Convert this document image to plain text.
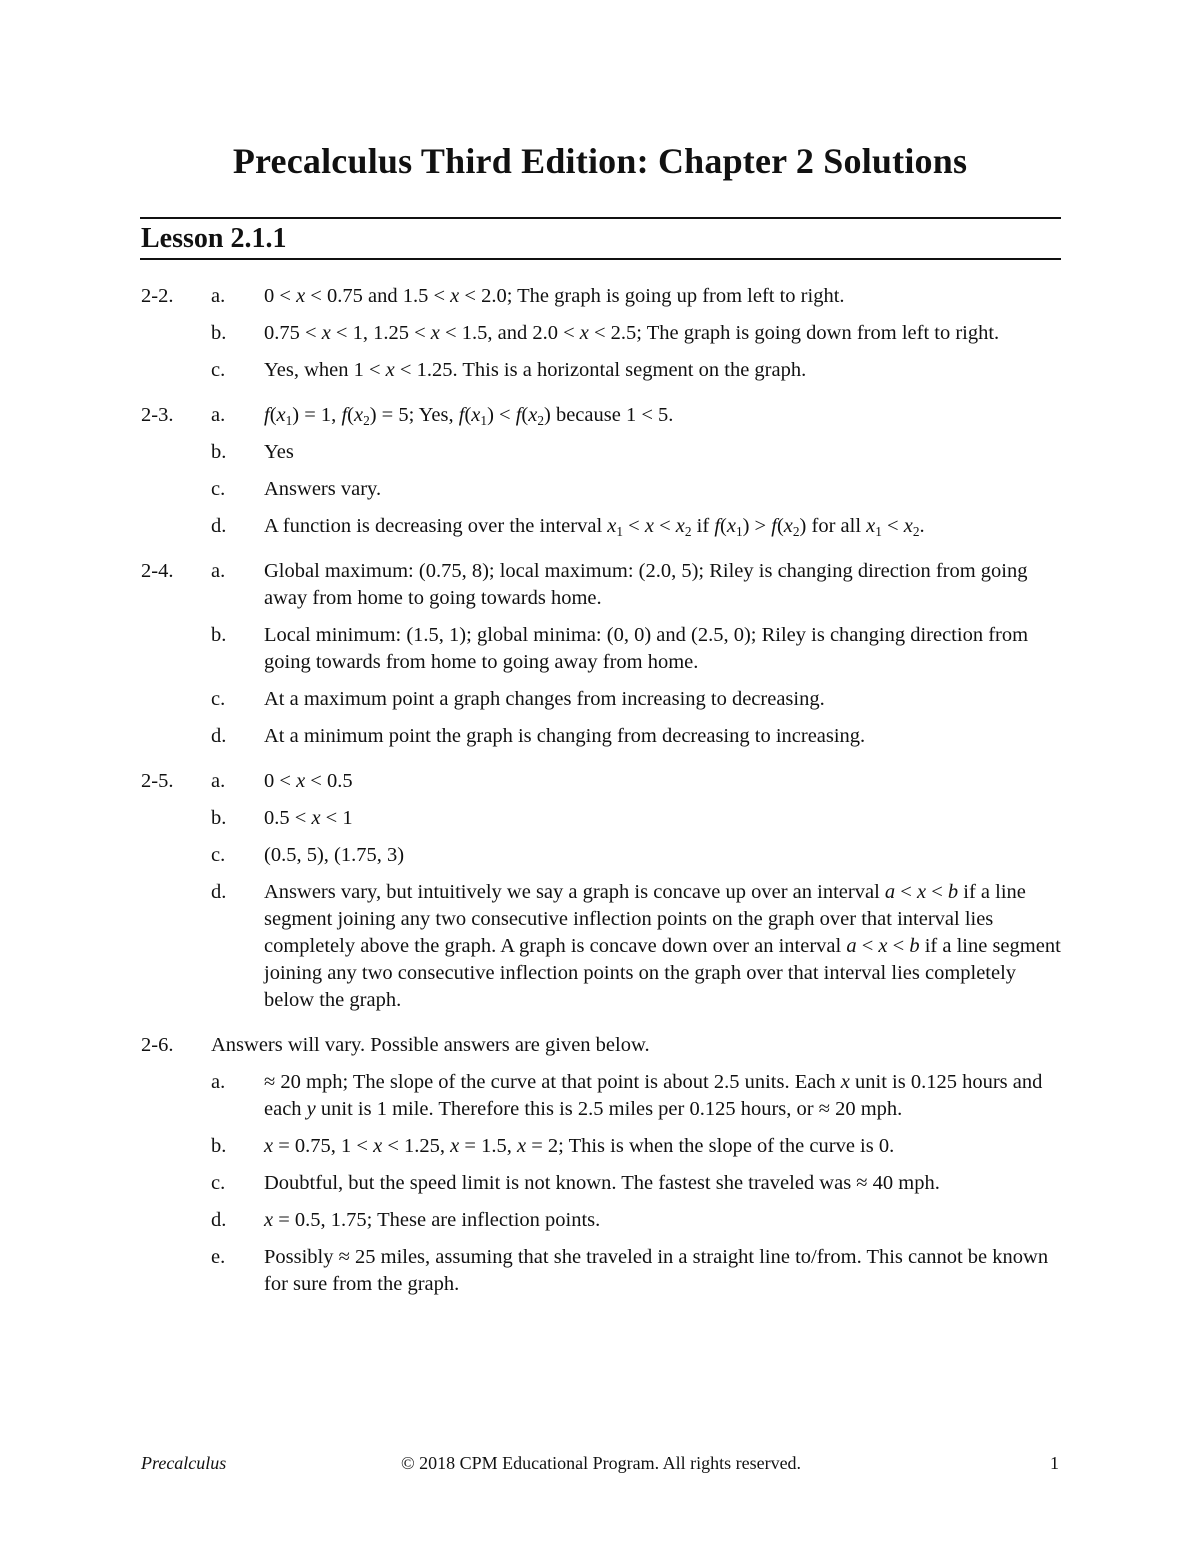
Precalculus Third Edition: Chapter 2 Solutions
Lesson 2.1.1
2-2.	a.	0 < x < 0.75 and 1.5 < x < 2.0; The graph is going up from left to right.
b.	0.75 < x < 1, 1.25 < x < 1.5, and 2.0 < x < 2.5; The graph is going down from left to right.
c.	Yes, when 1 < x < 1.25. This is a horizontal segment on the graph.
2-3.	a.	$f(x_1) = 1$, $f(x_2) = 5$; Yes, $f(x_1) < f(x_2)$ because 1 < 5.
b.	Yes
c.	Answers vary.
d.	A function is decreasing over the interval $x_1 < x < x_2$ if $f(x_1) > f(x_2)$ for all $x_1 < x_2$.
2-4.	a.	Global maximum: (0.75, 8); local maximum: (2.0, 5); Riley is changing direction from going away from home to going towards home.
b.	Local minimum: (1.5, 1); global minima: (0, 0) and (2.5, 0); Riley is changing direction from going towards from home to going away from home.
c.	At a maximum point a graph changes from increasing to decreasing.
d.	At a minimum point the graph is changing from decreasing to increasing.
2-5.	a.	0 < x < 0.5
b.	0.5 < x < 1
c.	(0.5, 5), (1.75, 3)
d.	Answers vary, but intuitively we say a graph is concave up over an interval a < x < b if a line segment joining any two consecutive inflection points on the graph over that interval lies completely above the graph. A graph is concave down over an interval a < x < b if a line segment joining any two consecutive inflection points on the graph over that interval lies completely below the graph.
2-6.	Answers will vary. Possible answers are given below.
a.	≈ 20 mph; The slope of the curve at that point is about 2.5 units. Each x unit is 0.125 hours and each y unit is 1 mile. Therefore this is 2.5 miles per 0.125 hours, or ≈ 20 mph.
b.	x = 0.75, 1 < x < 1.25, x = 1.5, x = 2; This is when the slope of the curve is 0.
c.	Doubtful, but the speed limit is not known. The fastest she traveled was ≈ 40 mph.
d.	x = 0.5, 1.75; These are inflection points.
e.	Possibly ≈ 25 miles, assuming that she traveled in a straight line to/from. This cannot be known for sure from the graph.
Precalculus	© 2018 CPM Educational Program. All rights reserved.	1
